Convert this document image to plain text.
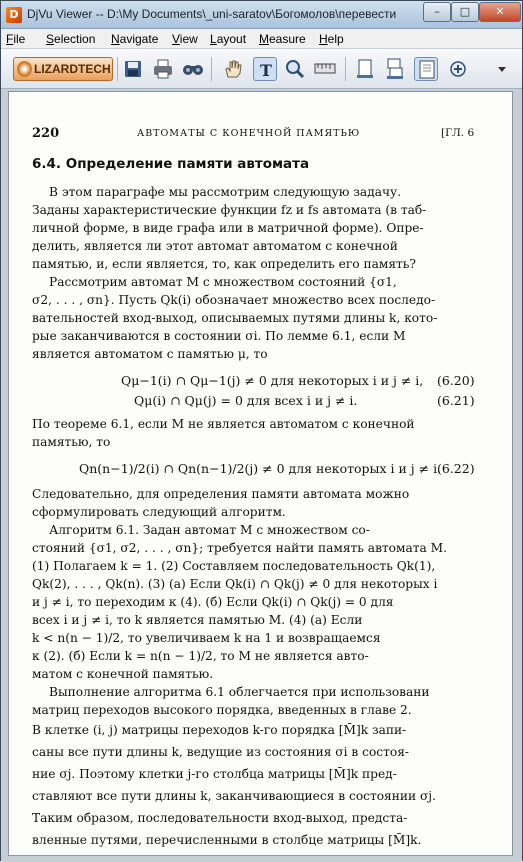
D DjVu Viewer -- D:\My Documents\_uni-saratov\Богомолов\перевести	–	□	✕
File Selection Navigate View Layout Measure Help
LIZARDTECH	T
220	АВТОМАТЫ С КОНЕЧНОЙ ПАМЯТЬЮ	[ГЛ. 6
6.4. Определение памяти автомата
В этом параграфе мы рассмотрим следующую задачу.
Заданы характеристические функции fz и fs автомата (в таб-
личной форме, в виде графа или в матричной форме). Опре-
делить, является ли этот автомат автоматом с конечной
памятью, и, если является, то, как определить его память?
Рассмотрим автомат M с множеством состояний {σ1,
σ2, . . . , σn}. Пусть Qk(i) обозначает множество всех последо-
вательностей вход-выход, описываемых путями длины k, кото-
рые заканчиваются в состоянии σi. По лемме 6.1, если M
является автоматом с памятью μ, то
Qμ−1(i) ∩ Qμ−1(j) ≠ 0 для некоторых i и j ≠ i, (6.20)
Qμ(i) ∩ Qμ(j) = 0 для всех i и j ≠ i.	(6.21)
По теореме 6.1, если M не является автоматом с конечной
памятью, то
Qn(n−1)/2(i) ∩ Qn(n−1)/2(j) ≠ 0 для некоторых i и j ≠ i.
(6.22)
Следовательно, для определения памяти автомата можно
сформулировать следующий алгоритм.
Алгоритм 6.1. Задан автомат M с множеством со-
стояний {σ1, σ2, . . . , σn}; требуется найти память автомата M.
(1) Полагаем k = 1. (2) Составляем последовательность Qk(1),
Qk(2), . . . , Qk(n). (3) (а) Если Qk(i) ∩ Qk(j) ≠ 0 для некоторых i
и j ≠ i, то переходим к (4). (б) Если Qk(i) ∩ Qk(j) = 0 для
всех i и j ≠ i, то k является памятью M. (4) (а) Если
k < n(n − 1)/2, то увеличиваем k на 1 и возвращаемся
к (2). (б) Если k = n(n − 1)/2, то M не является авто-
матом с конечной памятью.
Выполнение алгоритма 6.1 облегчается при использовани
матриц переходов высокого порядка, введенных в главе 2.
В клетке (i, j) матрицы переходов k-го порядка [M̄]k запи-
саны все пути длины k, ведущие из состояния σi в состоя-
ние σj. Поэтому клетки j-го столбца матрицы [M̄]k пред-
ставляют все пути длины k, заканчивающиеся в состоянии σj.
Таким образом, последовательности вход-выход, предста-
вленные путями, перечисленными в столбце матрицы [M̄]k.
